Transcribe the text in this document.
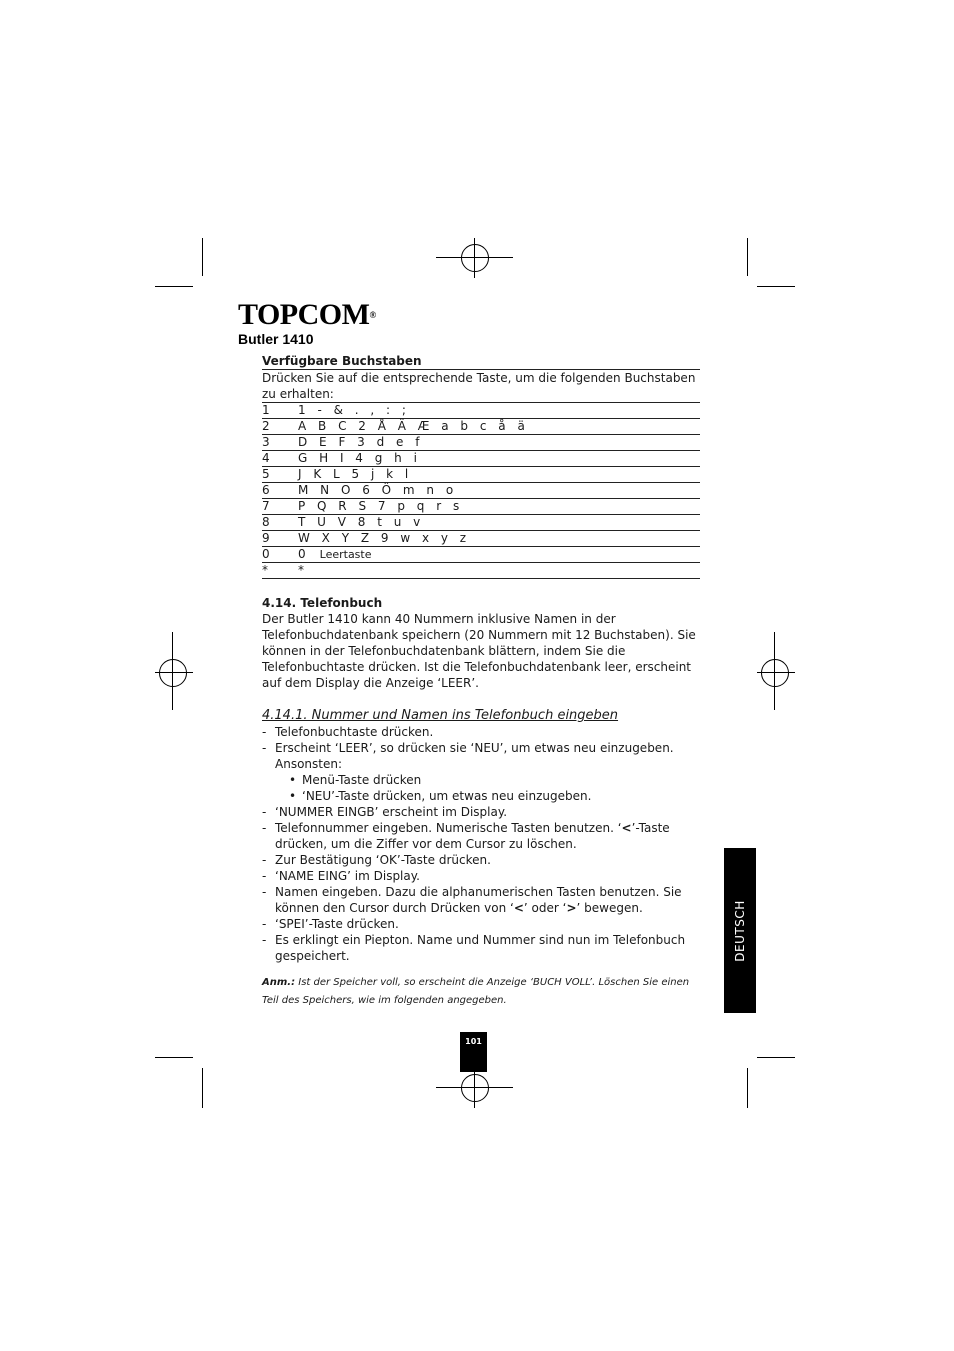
TOPCOM®
Butler 1410
Verfügbare Buchstaben
Drücken Sie auf die entsprechende Taste, um die folgenden Buchstaben zu erhalten:
1	1 - & . , : ;
2	A B C 2 Å Ä Æ a b c å ä
3	D E F 3 d e f
4	G H I 4 g h i
5	J K L 5 j k l
6	M N O 6 Ö m n o
7	P Q R S 7 p q r s
8	T U V 8 t u v
9	W X Y Z 9 w x y z
0	0 Leertaste
*	*
4.14. Telefonbuch
Der Butler 1410 kann 40 Nummern inklusive Namen in der Telefonbuchdatenbank speichern (20 Nummern mit 12 Buchstaben). Sie können in der Telefonbuchdatenbank blättern, indem Sie die Telefonbuchtaste drücken. Ist die Telefonbuchdatenbank leer, erscheint auf dem Display die Anzeige ‘LEER’.
4.14.1. Nummer und Namen ins Telefonbuch eingeben
- Telefonbuchtaste drücken.
- Erscheint ‘LEER’, so drücken sie ‘NEU’, um etwas neu einzugeben. Ansonsten:
• Menü-Taste drücken
• ‘NEU’-Taste drücken, um etwas neu einzugeben.
- ‘NUMMER EINGB’ erscheint im Display.
- Telefonnummer eingeben. Numerische Tasten benutzen. ‘<’-Taste drücken, um die Ziffer vor dem Cursor zu löschen.
- Zur Bestätigung ‘OK’-Taste drücken.
- ‘NAME EING’ im Display.
- Namen eingeben. Dazu die alphanumerischen Tasten benutzen. Sie können den Cursor durch Drücken von ‘<’ oder ‘>’ bewegen.
- ‘SPEI’-Taste drücken.
- Es erklingt ein Piepton. Name und Nummer sind nun im Telefonbuch gespeichert.
Anm.: Ist der Speicher voll, so erscheint die Anzeige ‘BUCH VOLL’. Löschen Sie einen Teil des Speichers, wie im folgenden angegeben.
DEUTSCH
101
